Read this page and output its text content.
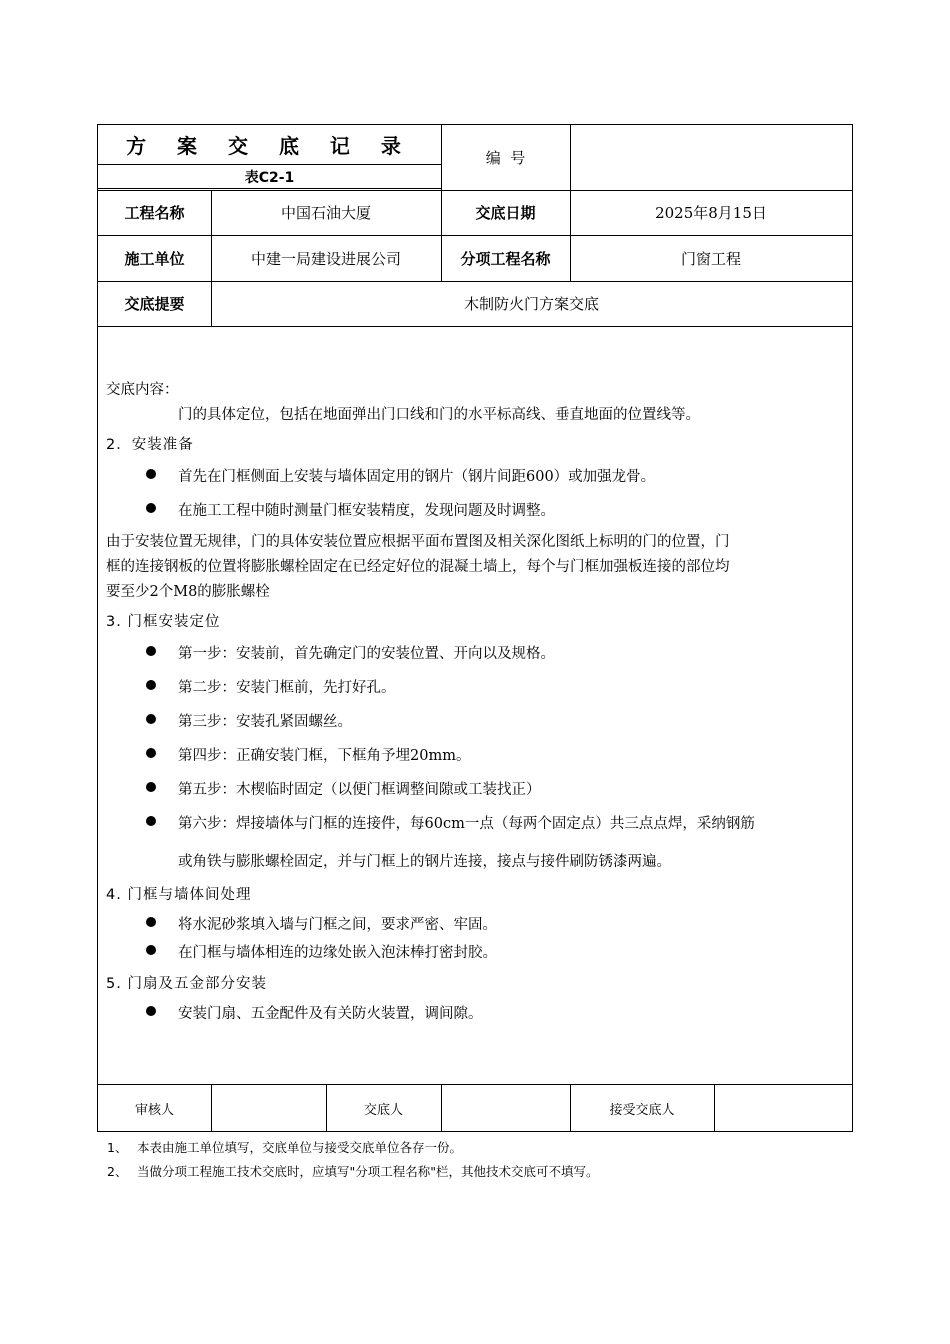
方 案 交 底 记 录
表C2-1
编  号
工程名称	中国石油大厦	交底日期	2025年8月15日
施工单位	中建一局建设进展公司	分项工程名称	门窗工程
交底提要	木制防火门方案交底
交底内容：
门的具体定位，包括在地面弹出门口线和门的水平标高线、垂直地面的位置线等。
2．安装准备
首先在门框侧面上安装与墙体固定用的钢片（钢片间距600）或加强龙骨。
在施工工程中随时测量门框安装精度，发现问题及时调整。
由于安装位置无规律，门的具体安装位置应根据平面布置图及相关深化图纸上标明的门的位置，门
框的连接钢板的位置将膨胀螺栓固定在已经定好位的混凝土墙上，每个与门框加强板连接的部位均
要至少2个M8的膨胀螺栓
3. 门框安装定位
第一步：安装前，首先确定门的安装位置、开向以及规格。
第二步：安装门框前，先打好孔。
第三步：安装孔紧固螺丝。
第四步：正确安装门框，下框角予埋20mm。
第五步：木楔临时固定（以便门框调整间隙或工装找正）
第六步：焊接墙体与门框的连接件，每60cm一点（每两个固定点）共三点点焊，采纳钢筋
或角铁与膨胀螺栓固定，并与门框上的钢片连接，接点与接件刷防锈漆两遍。
4. 门框与墙体间处理
将水泥砂浆填入墙与门框之间，要求严密、牢固。
在门框与墙体相连的边缘处嵌入泡沫棒打密封胶。
5. 门扇及五金部分安装
安装门扇、五金配件及有关防火装置，调间隙。
审核人	交底人	接受交底人
1、 本表由施工单位填写，交底单位与接受交底单位各存一份。
2、 当做分项工程施工技术交底时，应填写"分项工程名称"栏，其他技术交底可不填写。
